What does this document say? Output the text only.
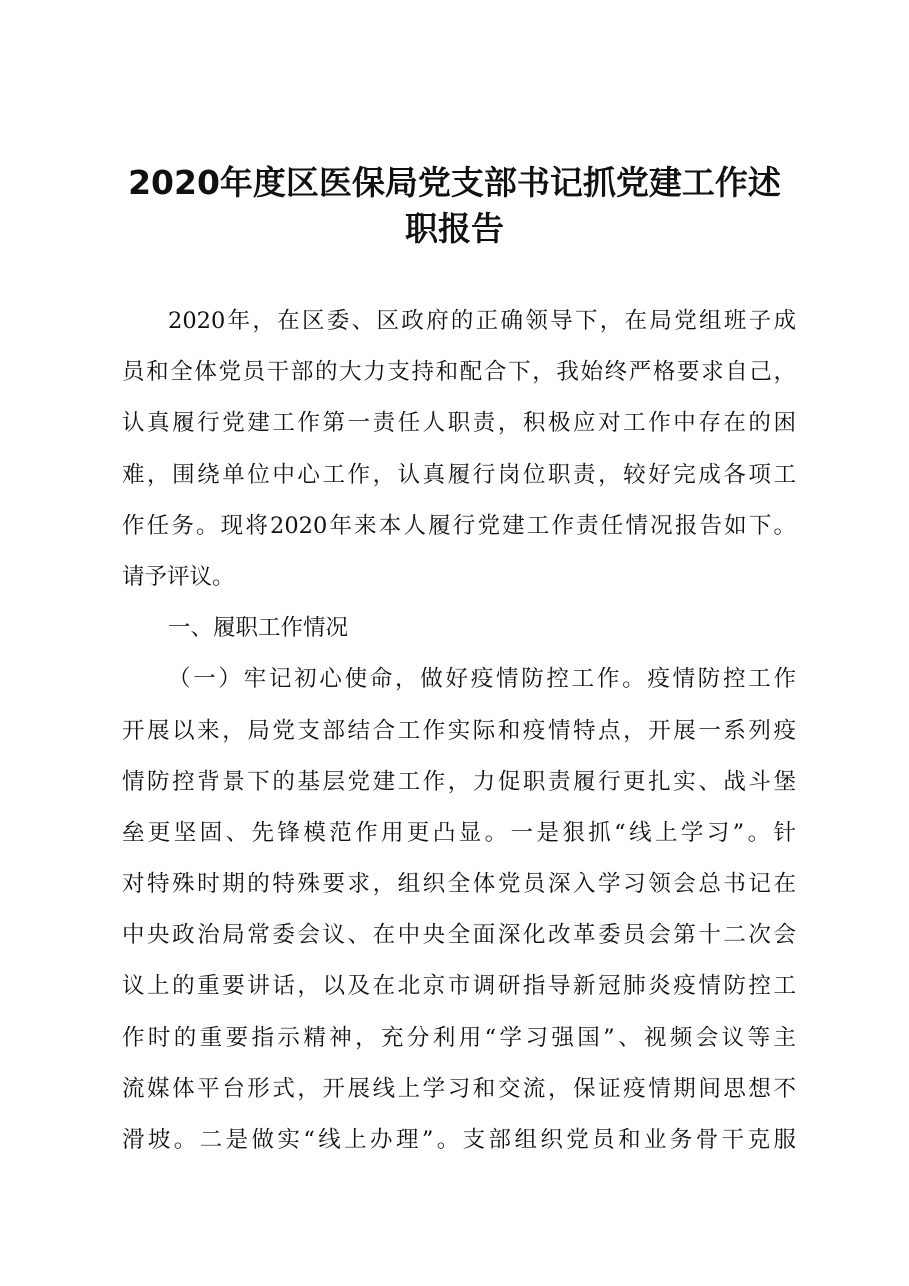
2020年度区医保局党支部书记抓党建工作述
职报告
2020年，在区委、区政府的正确领导下，在局党组班子成
员和全体党员干部的大力支持和配合下，我始终严格要求自己，
认真履行党建工作第一责任人职责，积极应对工作中存在的困
难，围绕单位中心工作，认真履行岗位职责，较好完成各项工
作任务。现将2020年来本人履行党建工作责任情况报告如下。
请予评议。
一、履职工作情况
（一）牢记初心使命，做好疫情防控工作。疫情防控工作
开展以来，局党支部结合工作实际和疫情特点，开展一系列疫
情防控背景下的基层党建工作，力促职责履行更扎实、战斗堡
垒更坚固、先锋模范作用更凸显。一是狠抓“线上学习”。针
对特殊时期的特殊要求，组织全体党员深入学习领会总书记在
中央政治局常委会议、在中央全面深化改革委员会第十二次会
议上的重要讲话，以及在北京市调研指导新冠肺炎疫情防控工
作时的重要指示精神，充分利用“学习强国”、视频会议等主
流媒体平台形式，开展线上学习和交流，保证疫情期间思想不
滑坡。二是做实“线上办理”。支部组织党员和业务骨干克服
